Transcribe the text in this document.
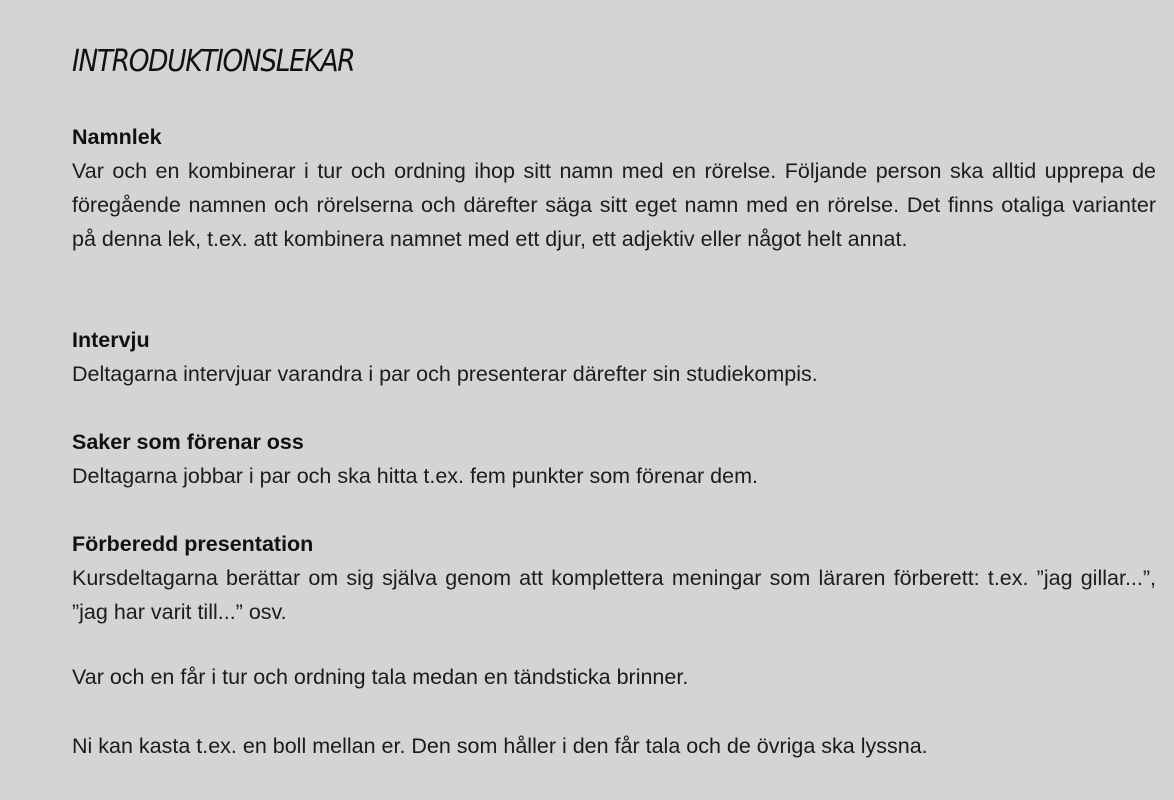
INTRODUKTIONSLEKAR
Namnlek

Var och en kombinerar i tur och ordning ihop sitt namn med en rörelse. Följande person ska alltid upprepa de föregående namnen och rörelserna och därefter säga sitt eget namn med en rörelse. Det finns otaliga varianter på denna lek, t.ex. att kombinera namnet med ett djur, ett adjektiv eller något helt annat.

Intervju

Deltagarna intervjuar varandra i par och presenterar därefter sin studiekompis.

Saker som förenar oss

Deltagarna jobbar i par och ska hitta t.ex. fem punkter som förenar dem.

Förberedd presentation

Kursdeltagarna berättar om sig själva genom att komplettera meningar som läraren förberett: t.ex. ”jag gillar...”, ”jag har varit till...” osv.

Var och en får i tur och ordning tala medan en tändsticka brinner.

Ni kan kasta t.ex. en boll mellan er. Den som håller i den får tala och de övriga ska lyssna.
